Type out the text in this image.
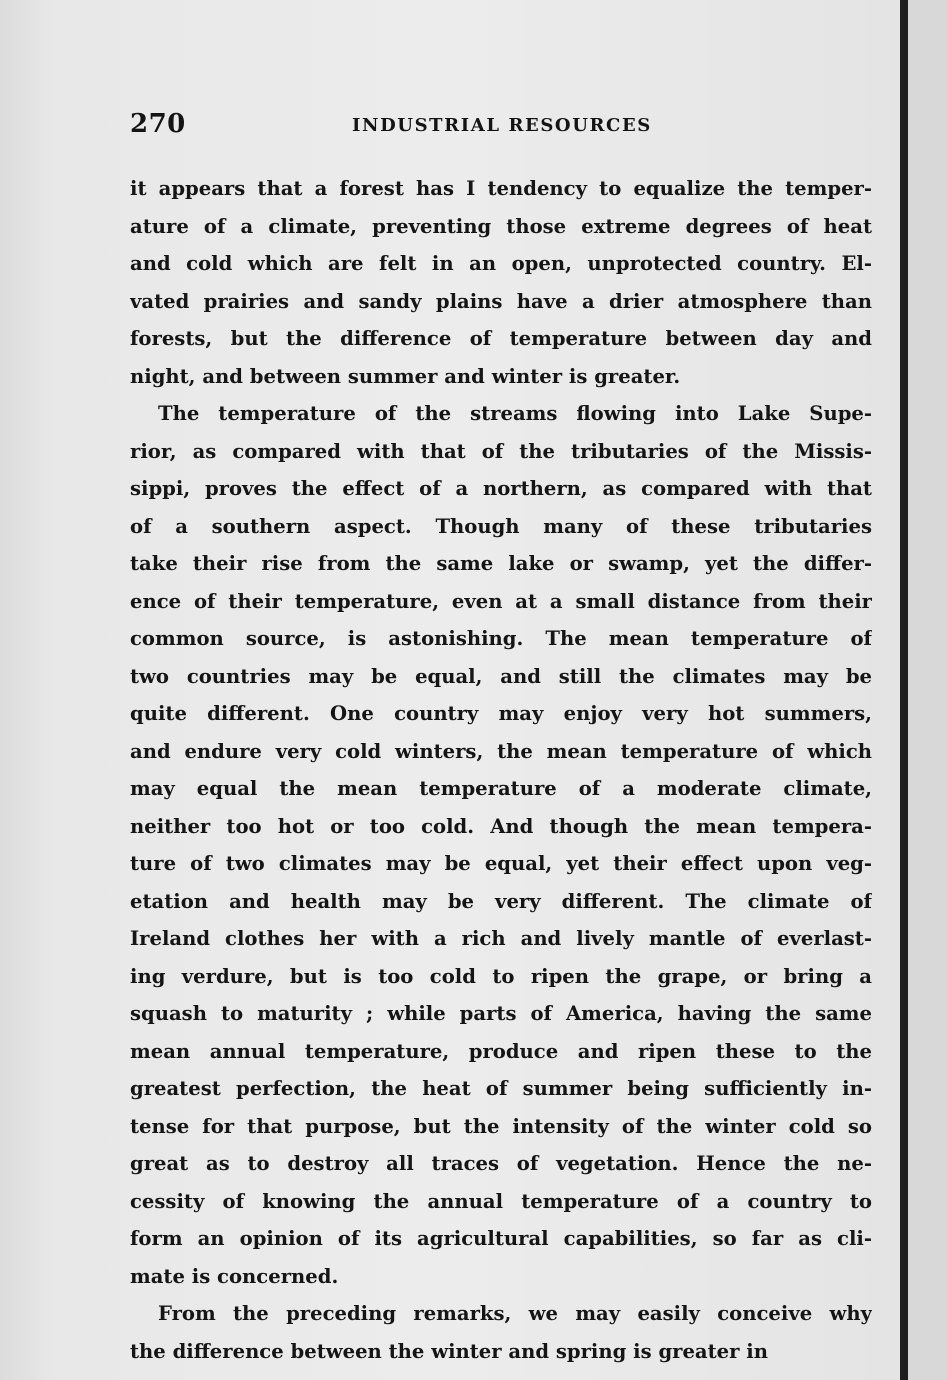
270	INDUSTRIAL RESOURCES
it appears that a forest has I tendency to equalize the temper-
ature of a climate, preventing those extreme degrees of heat
and cold which are felt in an open, unprotected country. El-
vated prairies and sandy plains have a drier atmosphere than
forests, but the difference of temperature between day and
night, and between summer and winter is greater.
The temperature of the streams flowing into Lake Supe-
rior, as compared with that of the tributaries of the Missis-
sippi, proves the effect of a northern, as compared with that
of a southern aspect. Though many of these tributaries
take their rise from the same lake or swamp, yet the differ-
ence of their temperature, even at a small distance from their
common source, is astonishing. The mean temperature of
two countries may be equal, and still the climates may be
quite different. One country may enjoy very hot summers,
and endure very cold winters, the mean temperature of which
may equal the mean temperature of a moderate climate,
neither too hot or too cold. And though the mean tempera-
ture of two climates may be equal, yet their effect upon veg-
etation and health may be very different. The climate of
Ireland clothes her with a rich and lively mantle of everlast-
ing verdure, but is too cold to ripen the grape, or bring a
squash to maturity ; while parts of America, having the same
mean annual temperature, produce and ripen these to the
greatest perfection, the heat of summer being sufficiently in-
tense for that purpose, but the intensity of the winter cold so
great as to destroy all traces of vegetation. Hence the ne-
cessity of knowing the annual temperature of a country to
form an opinion of its agricultural capabilities, so far as cli-
mate is concerned.
From the preceding remarks, we may easily conceive why
the difference between the winter and spring is greater in
